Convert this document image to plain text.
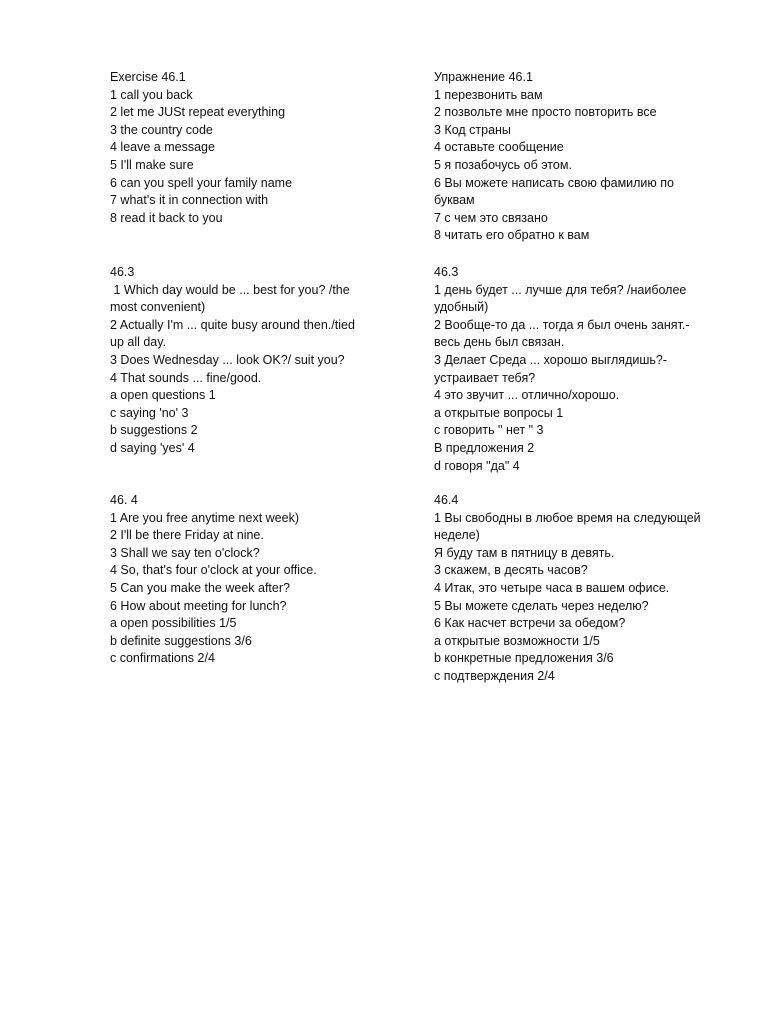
Exercise 46.1
1 call you back
2 let me JUSt repeat everything
3 the country code
4 leave a message
5 I'll make sure
6 can you spell your family name
7 what's it in connection with
8 read it back to you
46.3
1 Which day would be ... best for you? /the
most convenient)
2 Actually I'm ... quite busy around then./tied
up all day.
3 Does Wednesday ... look OK?/ suit you?
4 That sounds ... fine/good.
a open questions 1
c saying 'no' 3
b suggestions 2
d saying 'yes' 4
46. 4
1 Are you free anytime next week)
2 I'll be there Friday at nine.
3 Shall we say ten o'clock?
4 So, that's four o'clock at your office.
5 Can you make the week after?
6 How about meeting for lunch?
a open possibilities 1/5
b definite suggestions 3/6
c confirmations 2/4
Упражнение 46.1
1 перезвонить вам
2 позвольте мне просто повторить все
3 Код страны
4 оставьте сообщение
5 я позабочусь об этом.
6 Вы можете написать свою фамилию по
буквам
7 с чем это связано
8 читать его обратно к вам
46.3
1 день будет ... лучше для тебя? /наиболее
удобный)
2 Вообще-то да ... тогда я был очень занят.-
весь день был связан.
3 Делает Среда ... хорошо выглядишь?-
устраивает тебя?
4 это звучит ... отлично/хорошо.
а открытые вопросы 1
с говорить " нет " 3
В предложения 2
d говоря "да" 4
46.4
1 Вы свободны в любое время на следующей
неделе)
Я буду там в пятницу в девять.
3 скажем, в десять часов?
4 Итак, это четыре часа в вашем офисе.
5 Вы можете сделать через неделю?
6 Как насчет встречи за обедом?
а открытые возможности 1/5
b конкретные предложения 3/6
с подтверждения 2/4
